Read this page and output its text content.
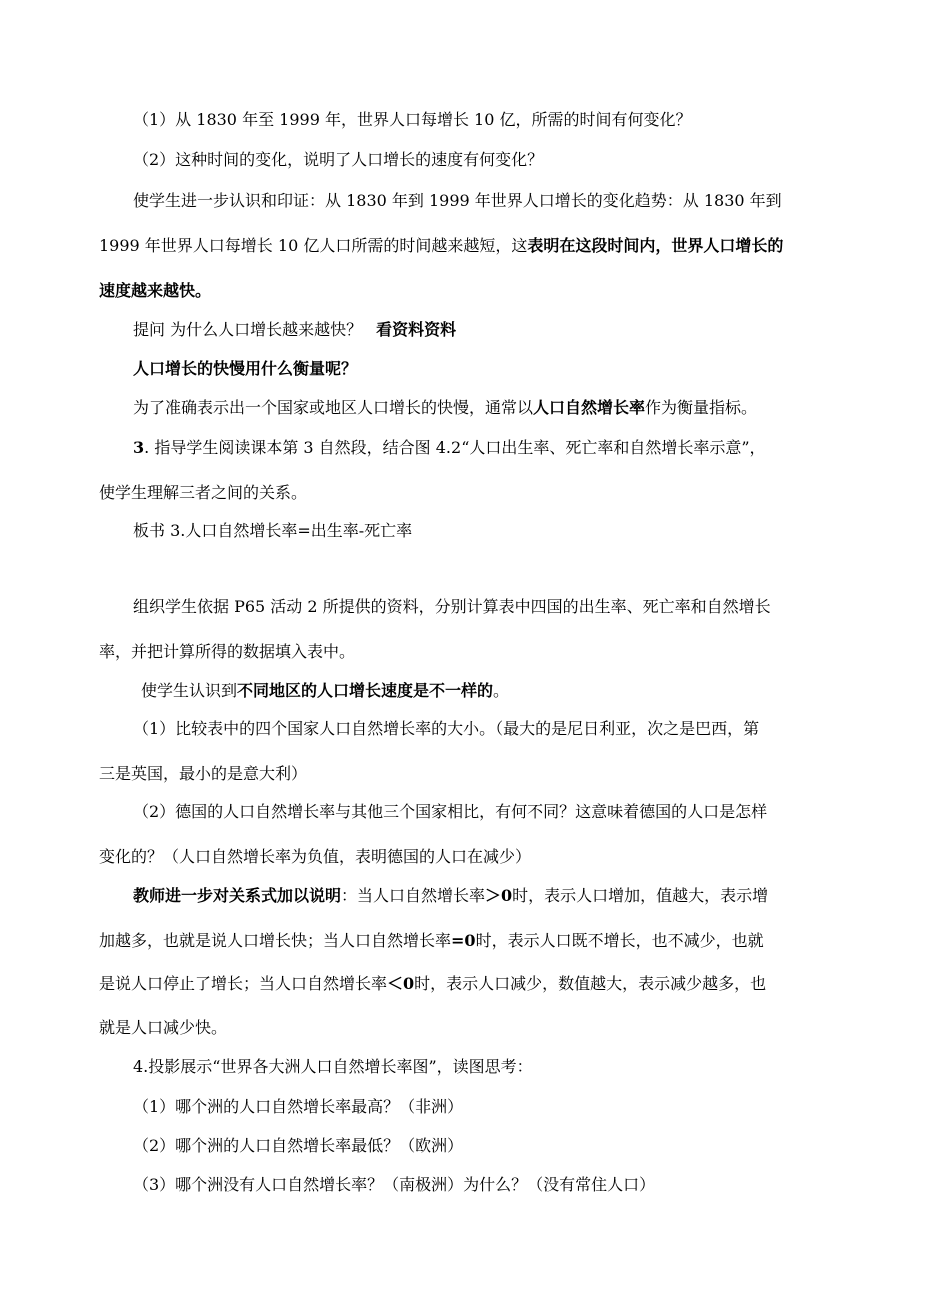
（1）从 1830 年至 1999 年，世界人口每增长 10 亿，所需的时间有何变化？
（2）这种时间的变化，说明了人口增长的速度有何变化？
使学生进一步认识和印证：从 1830 年到 1999 年世界人口增长的变化趋势：从 1830 年到
1999 年世界人口每增长 10 亿人口所需的时间越来越短，这表明在这段时间内，世界人口增长的
速度越来越快。
提问 为什么人口增长越来越快？ 看资料资料
人口增长的快慢用什么衡量呢？
为了准确表示出一个国家或地区人口增长的快慢，通常以人口自然增长率作为衡量指标。
3. 指导学生阅读课本第 3 自然段，结合图 4.2“人口出生率、死亡率和自然增长率示意”，
使学生理解三者之间的关系。
板书 3.人口自然增长率=出生率-死亡率
组织学生依据 P65 活动 2 所提供的资料，分别计算表中四国的出生率、死亡率和自然增长
率，并把计算所得的数据填入表中。
使学生认识到不同地区的人口增长速度是不一样的。
（1）比较表中的四个国家人口自然增长率的大小。（最大的是尼日利亚，次之是巴西，第
三是英国，最小的是意大利）
（2）德国的人口自然增长率与其他三个国家相比，有何不同？这意味着德国的人口是怎样
变化的？（人口自然增长率为负值，表明德国的人口在减少）
教师进一步对关系式加以说明：当人口自然增长率＞0时，表示人口增加，值越大，表示增
加越多，也就是说人口增长快；当人口自然增长率=0时，表示人口既不增长，也不减少，也就
是说人口停止了增长；当人口自然增长率＜0时，表示人口减少，数值越大，表示减少越多，也
就是人口减少快。
4.投影展示“世界各大洲人口自然增长率图”，读图思考：
（1）哪个洲的人口自然增长率最高？（非洲）
（2）哪个洲的人口自然增长率最低？（欧洲）
（3）哪个洲没有人口自然增长率？（南极洲）为什么？（没有常住人口）
